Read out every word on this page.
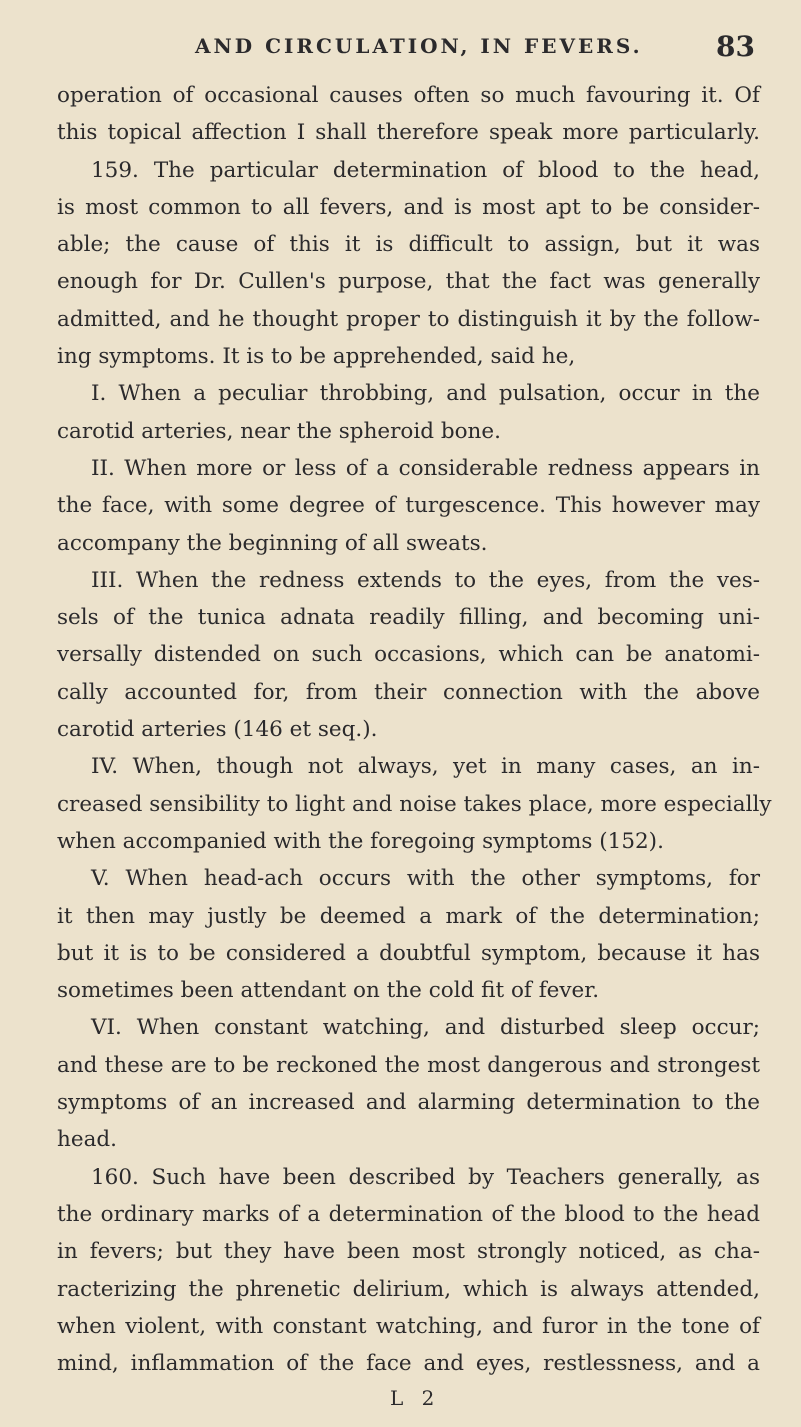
AND CIRCULATION, IN FEVERS.	83
operation of occasional causes often so much favouring it. Of
this topical affection I shall therefore speak more particularly.
159. The particular determination of blood to the head,
is most common to all fevers, and is most apt to be consider-
able; the cause of this it is difficult to assign, but it was
enough for Dr. Cullen's purpose, that the fact was generally
admitted, and he thought proper to distinguish it by the follow-
ing symptoms. It is to be apprehended, said he,
I. When a peculiar throbbing, and pulsation, occur in the
carotid arteries, near the spheroid bone.
II. When more or less of a considerable redness appears in
the face, with some degree of turgescence. This however may
accompany the beginning of all sweats.
III. When the redness extends to the eyes, from the ves-
sels of the tunica adnata readily filling, and becoming uni-
versally distended on such occasions, which can be anatomi-
cally accounted for, from their connection with the above
carotid arteries (146 et seq.).
IV. When, though not always, yet in many cases, an in-
creased sensibility to light and noise takes place, more especially
when accompanied with the foregoing symptoms (152).
V. When head-ach occurs with the other symptoms, for
it then may justly be deemed a mark of the determination;
but it is to be considered a doubtful symptom, because it has
sometimes been attendant on the cold fit of fever.
VI. When constant watching, and disturbed sleep occur;
and these are to be reckoned the most dangerous and strongest
symptoms of an increased and alarming determination to the
head.
160. Such have been described by Teachers generally, as
the ordinary marks of a determination of the blood to the head
in fevers; but they have been most strongly noticed, as cha-
racterizing the phrenetic delirium, which is always attended,
when violent, with constant watching, and furor in the tone of
mind, inflammation of the face and eyes, restlessness, and a
L 2
